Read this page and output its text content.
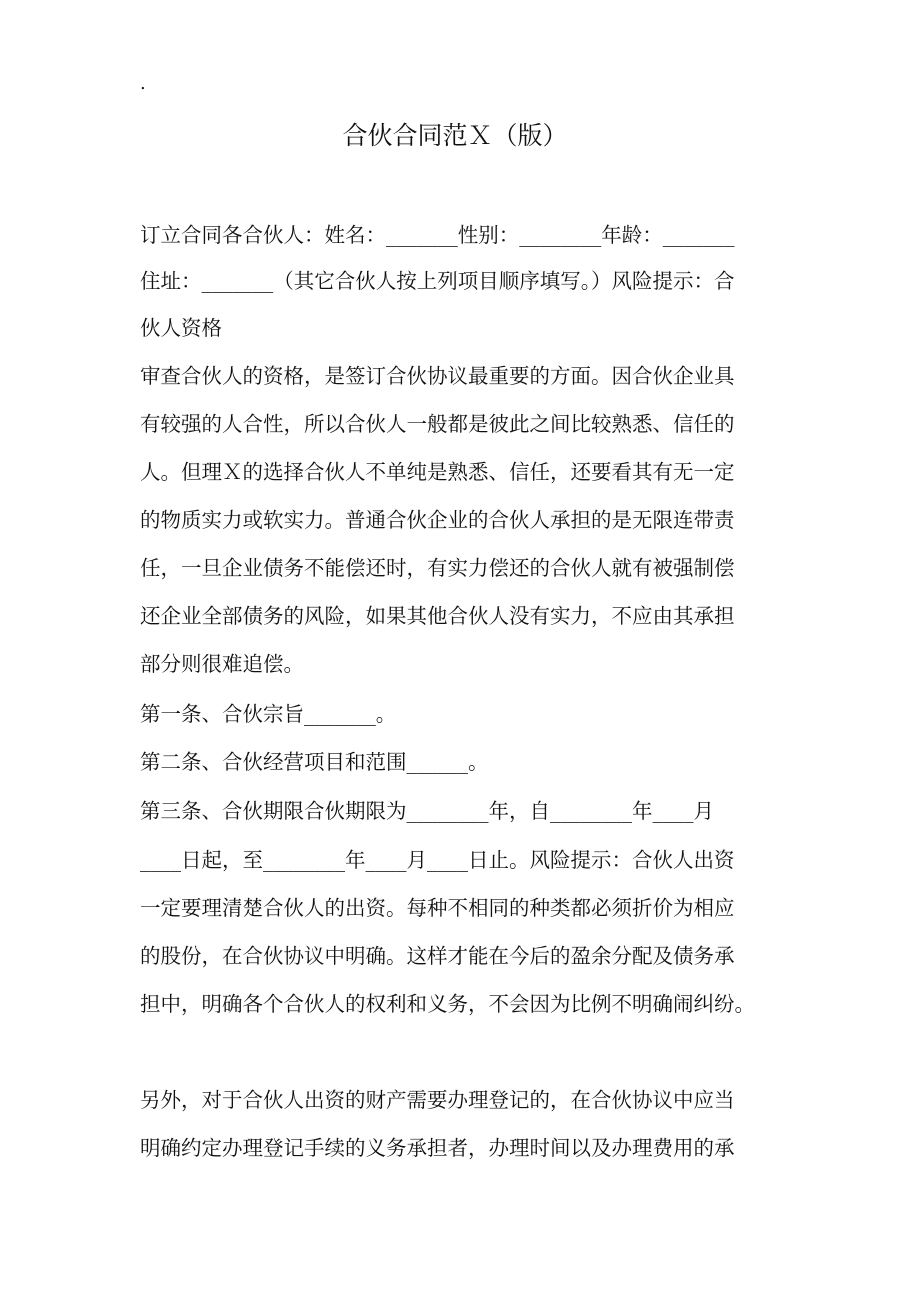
.
合伙合同范Ｘ（版）
订立合同各合伙人：姓名：_______性别：________年龄：_______
住址：_______（其它合伙人按上列项目顺序填写。）风险提示：合
伙人资格
审查合伙人的资格，是签订合伙协议最重要的方面。因合伙企业具
有较强的人合性，所以合伙人一般都是彼此之间比较熟悉、信任的
人。但理Ｘ的选择合伙人不单纯是熟悉、信任，还要看其有无一定
的物质实力或软实力。普通合伙企业的合伙人承担的是无限连带责
任，一旦企业债务不能偿还时，有实力偿还的合伙人就有被强制偿
还企业全部债务的风险，如果其他合伙人没有实力，不应由其承担
部分则很难追偿。
第一条、合伙宗旨_______。
第二条、合伙经营项目和范围______。
第三条、合伙期限合伙期限为________年，自________年____月
____日起，至________年____月____日止。风险提示：合伙人出资
一定要理清楚合伙人的出资。每种不相同的种类都必须折价为相应
的股份，在合伙协议中明确。这样才能在今后的盈余分配及债务承
担中，明确各个合伙人的权利和义务，不会因为比例不明确闹纠纷。
另外，对于合伙人出资的财产需要办理登记的，在合伙协议中应当
明确约定办理登记手续的义务承担者，办理时间以及办理费用的承
